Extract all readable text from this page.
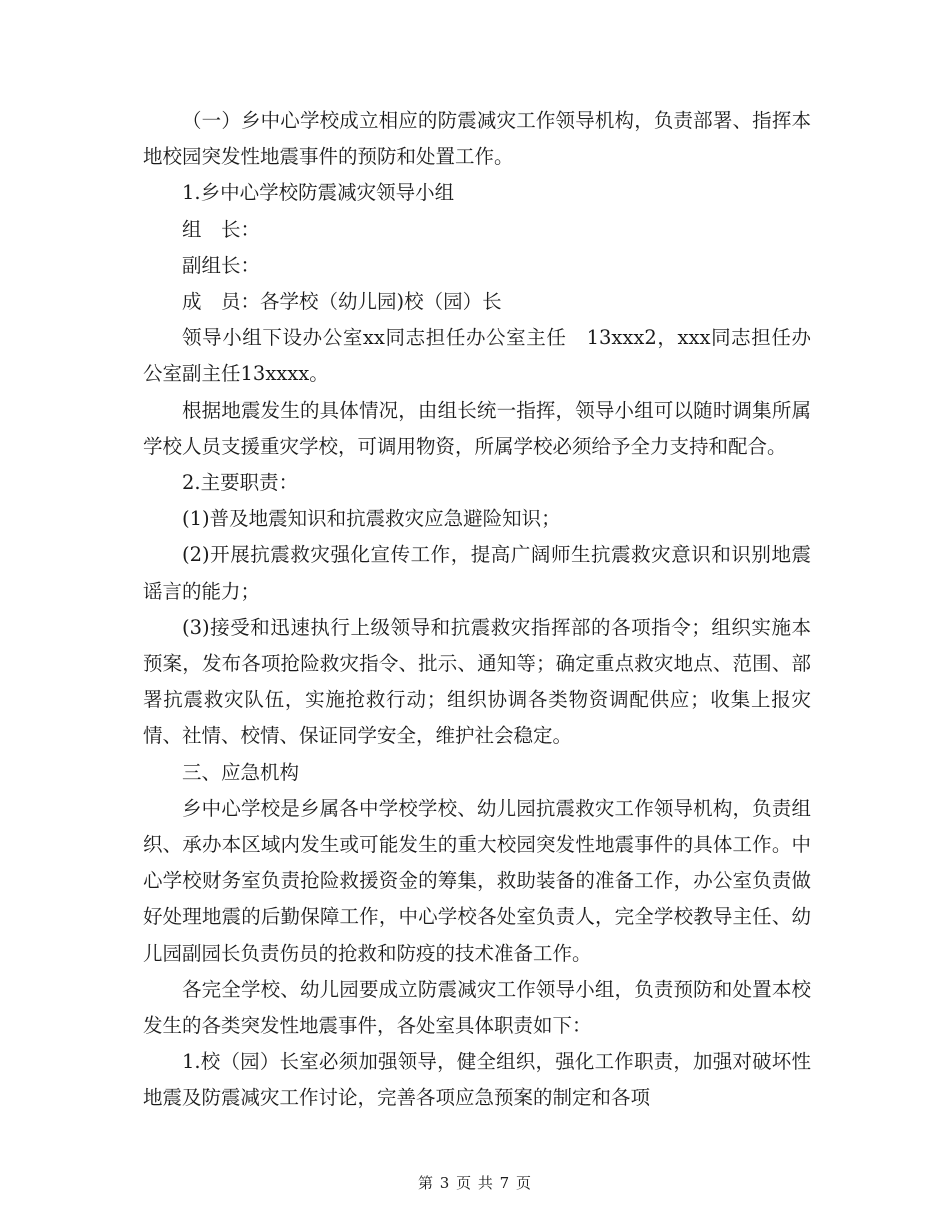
（一）乡中心学校成立相应的防震减灾工作领导机构，负责部署、指挥本地校园突发性地震事件的预防和处置工作。

1.乡中心学校防震减灾领导小组

组　长：

副组长：

成　员：各学校（幼儿园)校（园）长

领导小组下设办公室xx同志担任办公室主任　13xxx2，xxx同志担任办公室副主任13xxxx。

根据地震发生的具体情况，由组长统一指挥，领导小组可以随时调集所属学校人员支援重灾学校，可调用物资，所属学校必须给予全力支持和配合。

2.主要职责：

(1)普及地震知识和抗震救灾应急避险知识；

(2)开展抗震救灾强化宣传工作，提高广阔师生抗震救灾意识和识别地震谣言的能力；

(3)接受和迅速执行上级领导和抗震救灾指挥部的各项指令；组织实施本预案，发布各项抢险救灾指令、批示、通知等；确定重点救灾地点、范围、部署抗震救灾队伍，实施抢救行动；组织协调各类物资调配供应；收集上报灾情、社情、校情、保证同学安全，维护社会稳定。

三、应急机构

乡中心学校是乡属各中学校学校、幼儿园抗震救灾工作领导机构，负责组织、承办本区域内发生或可能发生的重大校园突发性地震事件的具体工作。中心学校财务室负责抢险救援资金的筹集，救助装备的准备工作，办公室负责做好处理地震的后勤保障工作，中心学校各处室负责人，完全学校教导主任、幼儿园副园长负责伤员的抢救和防疫的技术准备工作。

各完全学校、幼儿园要成立防震减灾工作领导小组，负责预防和处置本校发生的各类突发性地震事件，各处室具体职责如下：

1.校（园）长室必须加强领导，健全组织，强化工作职责，加强对破坏性地震及防震减灾工作讨论，完善各项应急预案的制定和各项

第 3 页 共 7 页
